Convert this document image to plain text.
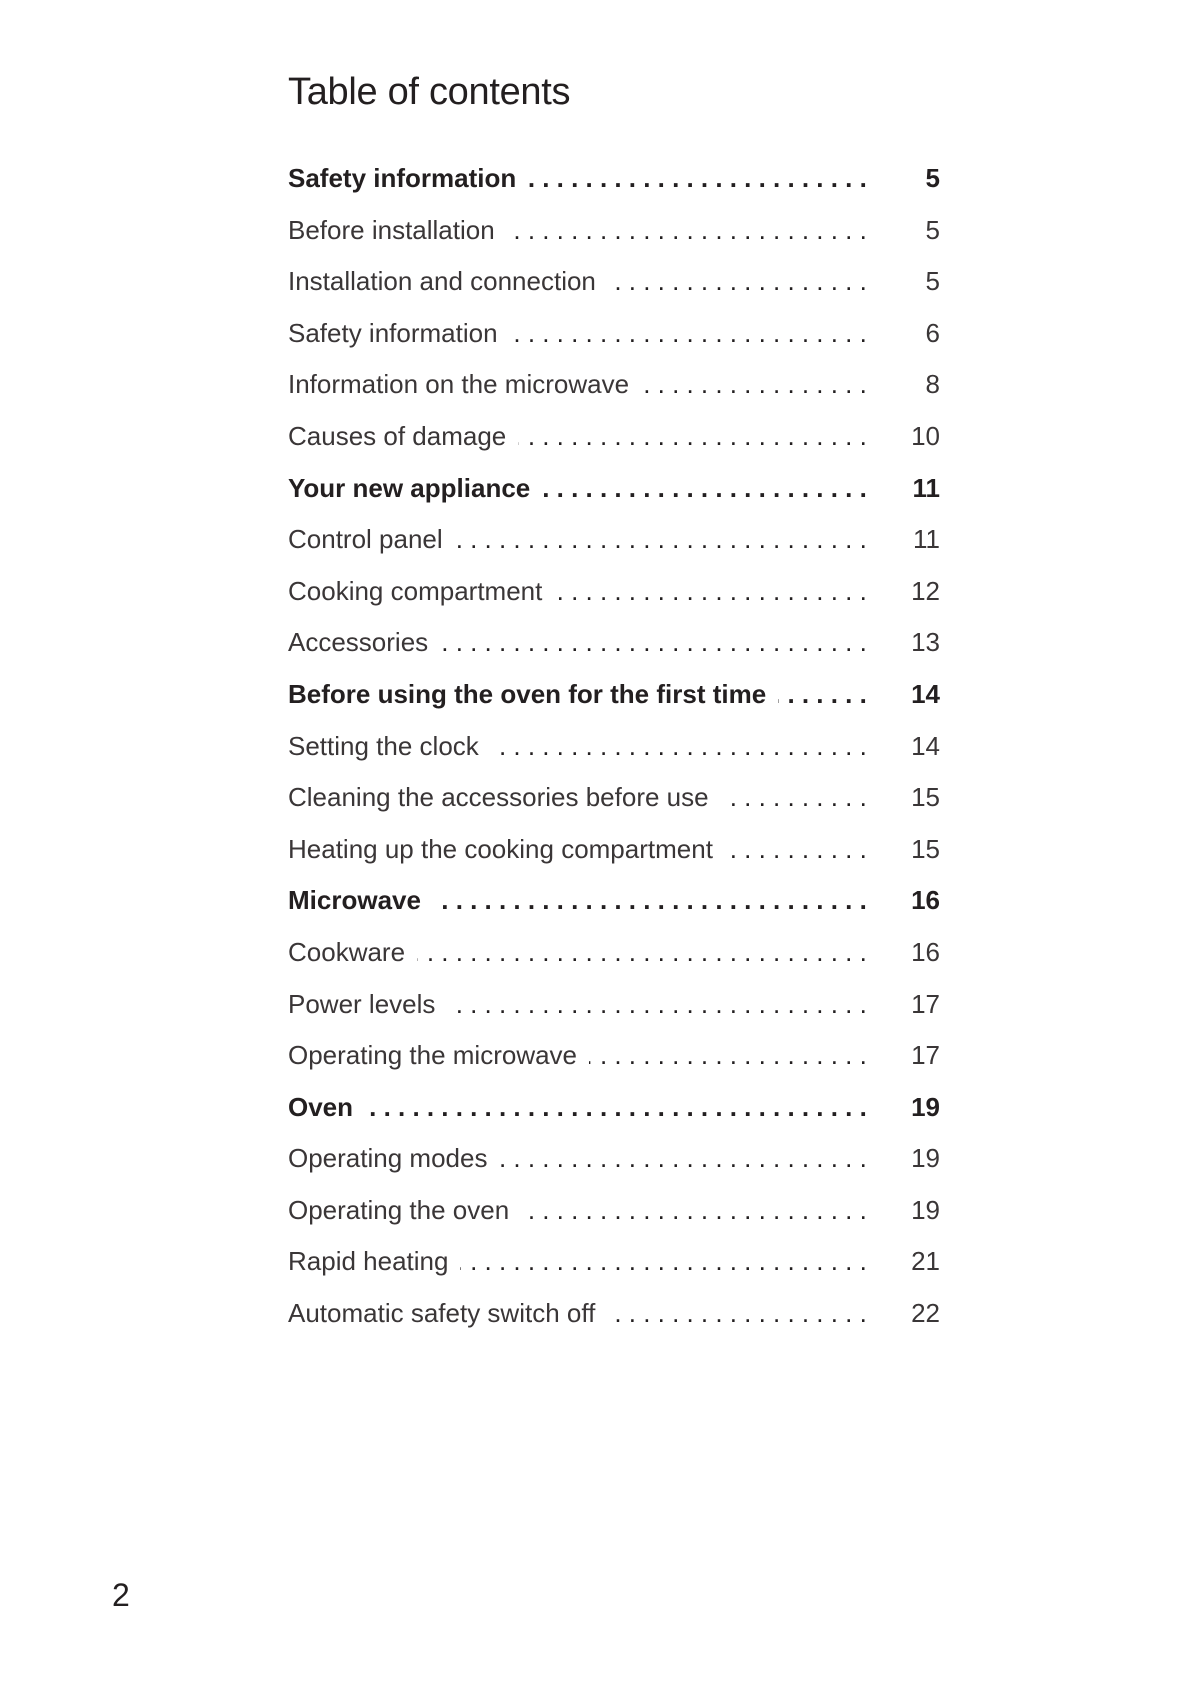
Table of contents
.....
Safety information	5
.....
Before installation	5
.....
Installation and connection	5
.....
Safety information	6
.....
Information on the microwave	8
.....
Causes of damage	10
.....
Your new appliance	11
.....
Control panel	11
.....
Cooking compartment	12
.....
Accessories	13
.....
Before using the oven for the first time	14
.....
Setting the clock	14
.....
Cleaning the accessories before use	15
.....
Heating up the cooking compartment	15
.....
Microwave	16
.....
Cookware	16
.....
Power levels	17
.....
Operating the microwave	17
.....
Oven	19
.....
Operating modes	19
.....
Operating the oven	19
.....
Rapid heating	21
.....
Automatic safety switch off	22
2
